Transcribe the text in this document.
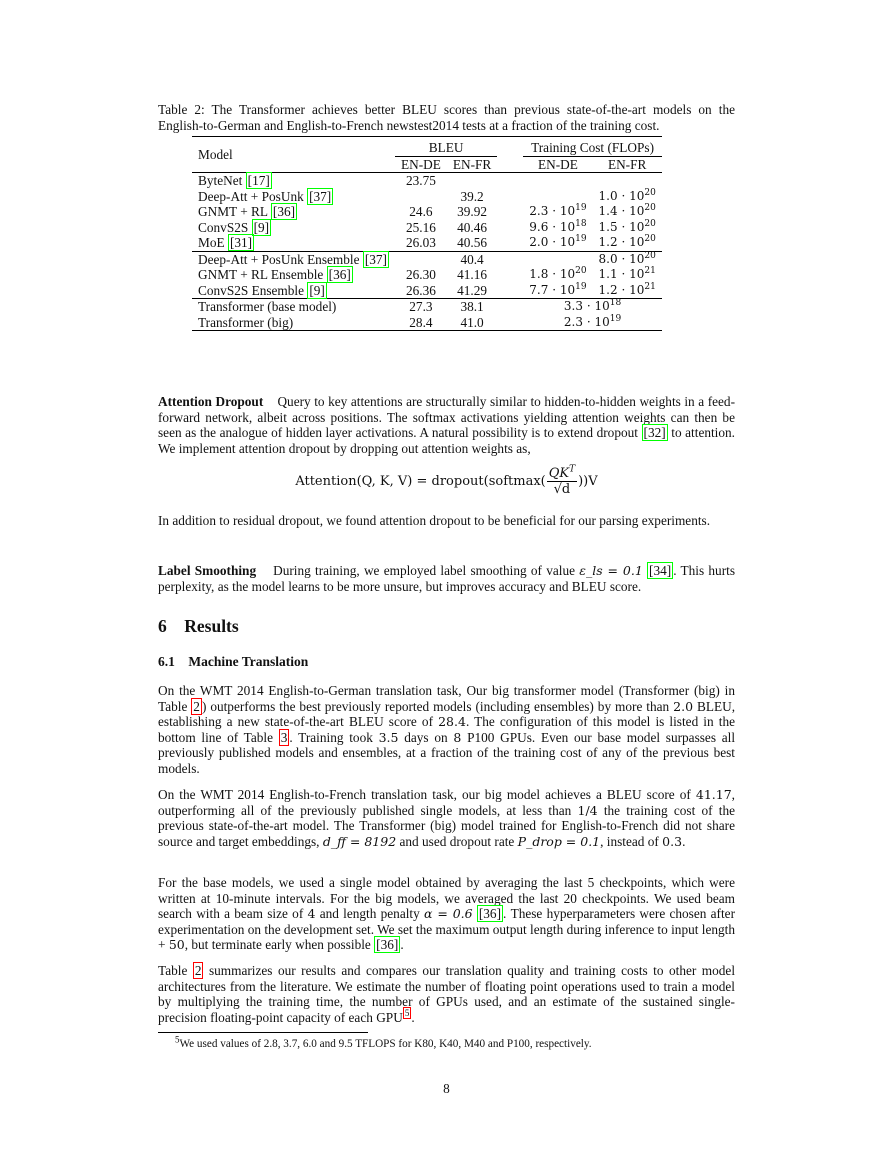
Table 2: The Transformer achieves better BLEU scores than previous state-of-the-art models on the English-to-German and English-to-French newstest2014 tests at a fraction of the training cost.
Model	BLEU			Training Cost (FLOPs)	
	EN-DE	EN-FR		EN-DE	EN-FR
ByteNet [17]	23.75				
Deep-Att + PosUnk [37]		39.2			$1.0 \cdot 10^{20}$
GNMT + RL [36]	24.6	39.92		$2.3 \cdot 10^{19}$	$1.4 \cdot 10^{20}$
ConvS2S [9]	25.16	40.46		$9.6 \cdot 10^{18}$	$1.5 \cdot 10^{20}$
MoE [31]	26.03	40.56		$2.0 \cdot 10^{19}$	$1.2 \cdot 10^{20}$
Deep-Att + PosUnk Ensemble [37]		40.4			$8.0 \cdot 10^{20}$
GNMT + RL Ensemble [36]	26.30	41.16		$1.8 \cdot 10^{20}$	$1.1 \cdot 10^{21}$
ConvS2S Ensemble [9]	26.36	41.29		$7.7 \cdot 10^{19}$	$1.2 \cdot 10^{21}$
Transformer (base model)	27.3	38.1		$3.3 \cdot 10^{18}$
Transformer (big)	28.4	41.0		$2.3 \cdot 10^{19}$
Attention Dropout Query to key attentions are structurally similar to hidden-to-hidden weights in a feed-forward network, albeit across positions. The softmax activations yielding attention weights can then be seen as the analogue of hidden layer activations. A natural possibility is to extend dropout [32] to attention. We implement attention dropout by dropping out attention weights as,
Attention(Q, K, V) = dropout(softmax( $\frac{QK^T}{√d} ))V$
In addition to residual dropout, we found attention dropout to be beneficial for our parsing experiments.
Label Smoothing During training, we employed label smoothing of value ε_ls = 0.1 [34] . This hurts perplexity, as the model learns to be more unsure, but improves accuracy and BLEU score.
6 Results
6.1 Machine Translation
On the WMT 2014 English-to-German translation task, Our big transformer model (Transformer (big) in Table 2 ) outperforms the best previously reported models (including ensembles) by more than 2.0 BLEU, establishing a new state-of-the-art BLEU score of 28.4. The configuration of this model is listed in the bottom line of Table 3 . Training took 3.5 days on 8 P100 GPUs. Even our base model surpasses all previously published models and ensembles, at a fraction of the training cost of any of the previous best models.
On the WMT 2014 English-to-French translation task, our big model achieves a BLEU score of 41.17, outperforming all of the previously published single models, at less than 1/4 the training cost of the previous state-of-the-art model. The Transformer (big) model trained for English-to-French did not share source and target embeddings, d_ff = 8192 and used dropout rate P_drop = 0.1, instead of 0.3.
For the base models, we used a single model obtained by averaging the last 5 checkpoints, which were written at 10-minute intervals. For the big models, we averaged the last 20 checkpoints. We used beam search with a beam size of 4 and length penalty α = 0.6 [36] . These hyperparameters were chosen after experimentation on the development set. We set the maximum output length during inference to input length + 50, but terminate early when possible [36] .
Table 2 summarizes our results and compares our translation quality and training costs to other model architectures from the literature. We estimate the number of floating point operations used to train a model by multiplying the training time, the number of GPUs used, and an estimate of the sustained single-precision floating-point capacity of each GPU $^5$ .
$^5$We used values of 2.8, 3.7, 6.0 and 9.5 TFLOPS for K80, K40, M40 and P100, respectively.
8
